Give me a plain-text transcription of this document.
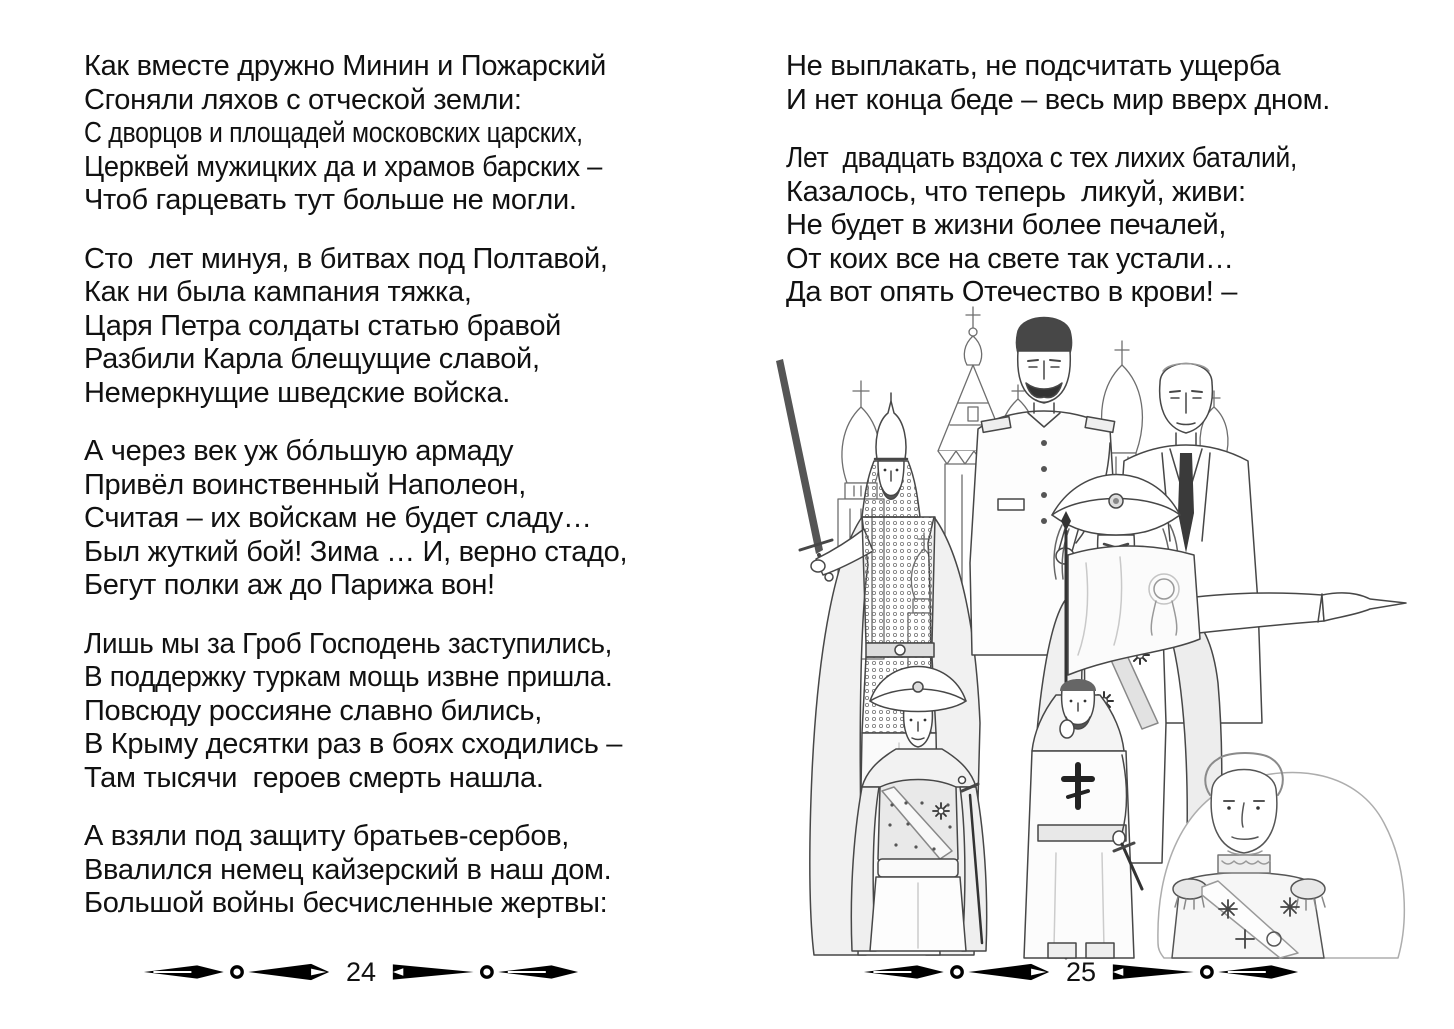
Как вместе дружно Минин и Пожарский
Сгоняли ляхов с отческой земли:
С дворцов и площадей московских царских,
Церквей мужицких да и храмов барских –
Чтоб гарцевать тут больше не могли.
Сто  лет минуя, в битвах под Полтавой,
Как ни была кампания тяжка,
Царя Петра солдаты статью бравой
Разбили Карла блещущие славой,
Немеркнущие шведские войска.
А через век уж бо́льшую армаду
Привёл воинственный Наполеон,
Считая – их войскам не будет сладу…
Был жуткий бой! Зима … И, верно стадо,
Бегут полки аж до Парижа вон!
Лишь мы за Гроб Господень заступились,
В поддержку туркам мощь извне пришла.
Повсюду россияне славно бились,
В Крыму десятки раз в боях сходились –
Там тысячи  героев смерть нашла.
А взяли под защиту братьев-сербов,
Ввалился немец кайзерский в наш дом.
Большой войны бесчисленные жертвы:
Не выплакать, не подсчитать ущерба
И нет конца беде – весь мир вверх дном.
Лет  двадцать вздоха с тех лихих баталий,
Казалось, что теперь  ликуй, живи:
Не будет в жизни более печалей,
От коих все на свете так устали…
Да вот опять Отечество в крови! –
24	25
